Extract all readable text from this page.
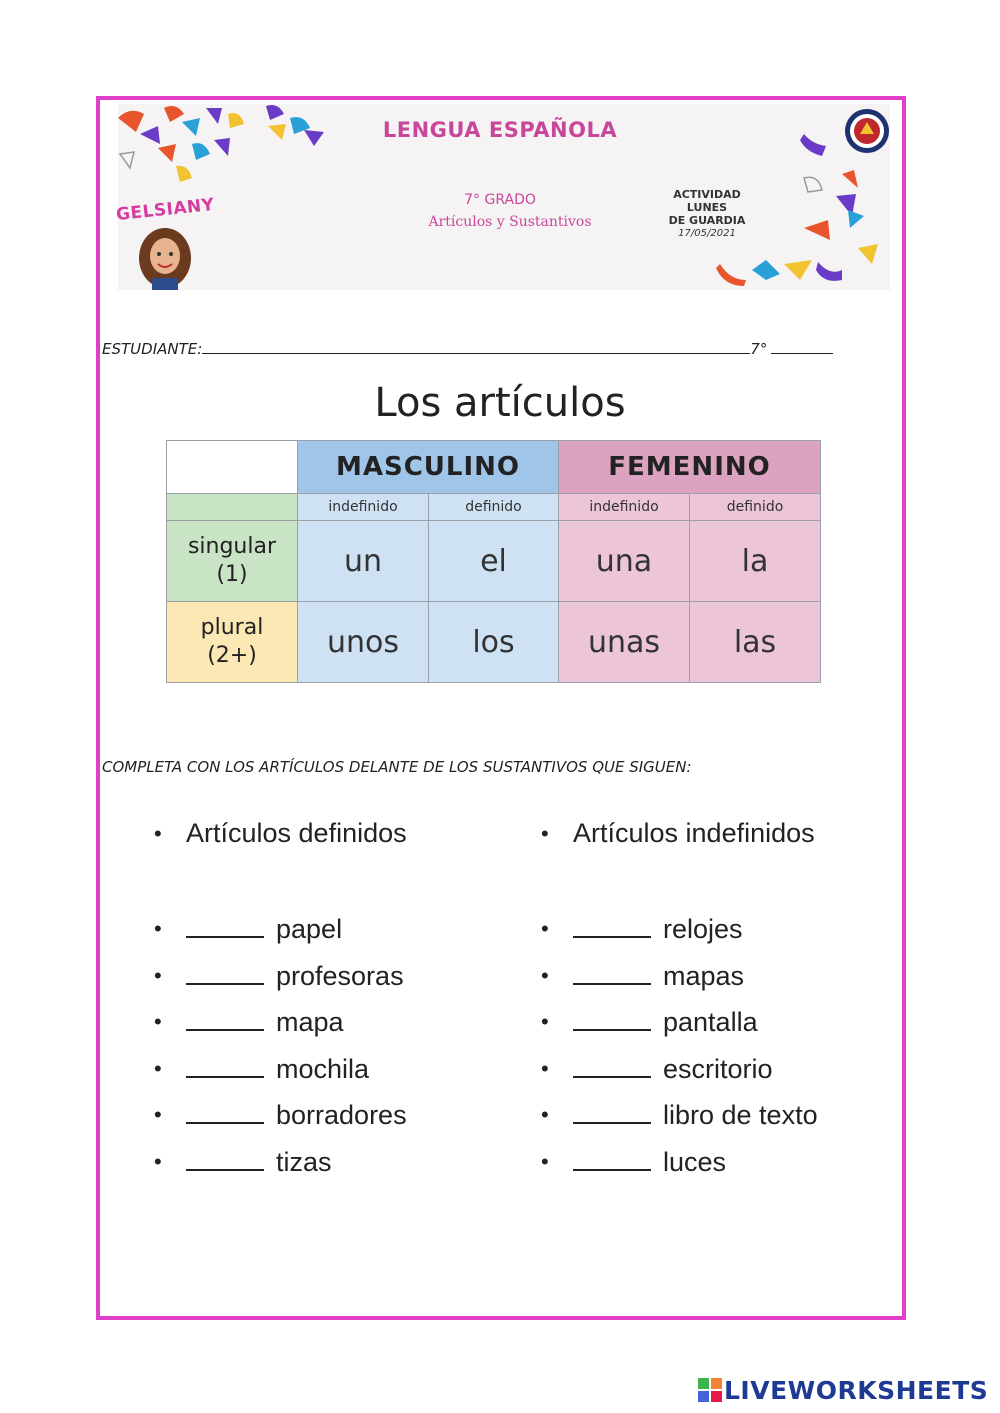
LENGUA ESPAÑOLA
7° GRADO
Artículos y Sustantivos
ACTIVIDAD
LUNES
DE GUARDIA
17/05/2021
GELSIANY
ESTUDIANTE:	7°
Los artículos
	MASCULINO		FEMENINO	
	indefinido	definido	indefinido	definido

singular
(1)	un	el	una	la

plural
(2+)	unos	los	unas	las
COMPLETA CON LOS ARTÍCULOS DELANTE DE LOS SUSTANTIVOS QUE SIGUEN:
• Artículos definidos	• Artículos indefinidos
•	papel
•	profesoras
•	mapa
•	mochila
•	borradores
•	tizas
•	relojes
•	mapas
•	pantalla
•	escritorio
•	libro de texto
•	luces
LIVEWORKSHEETS
